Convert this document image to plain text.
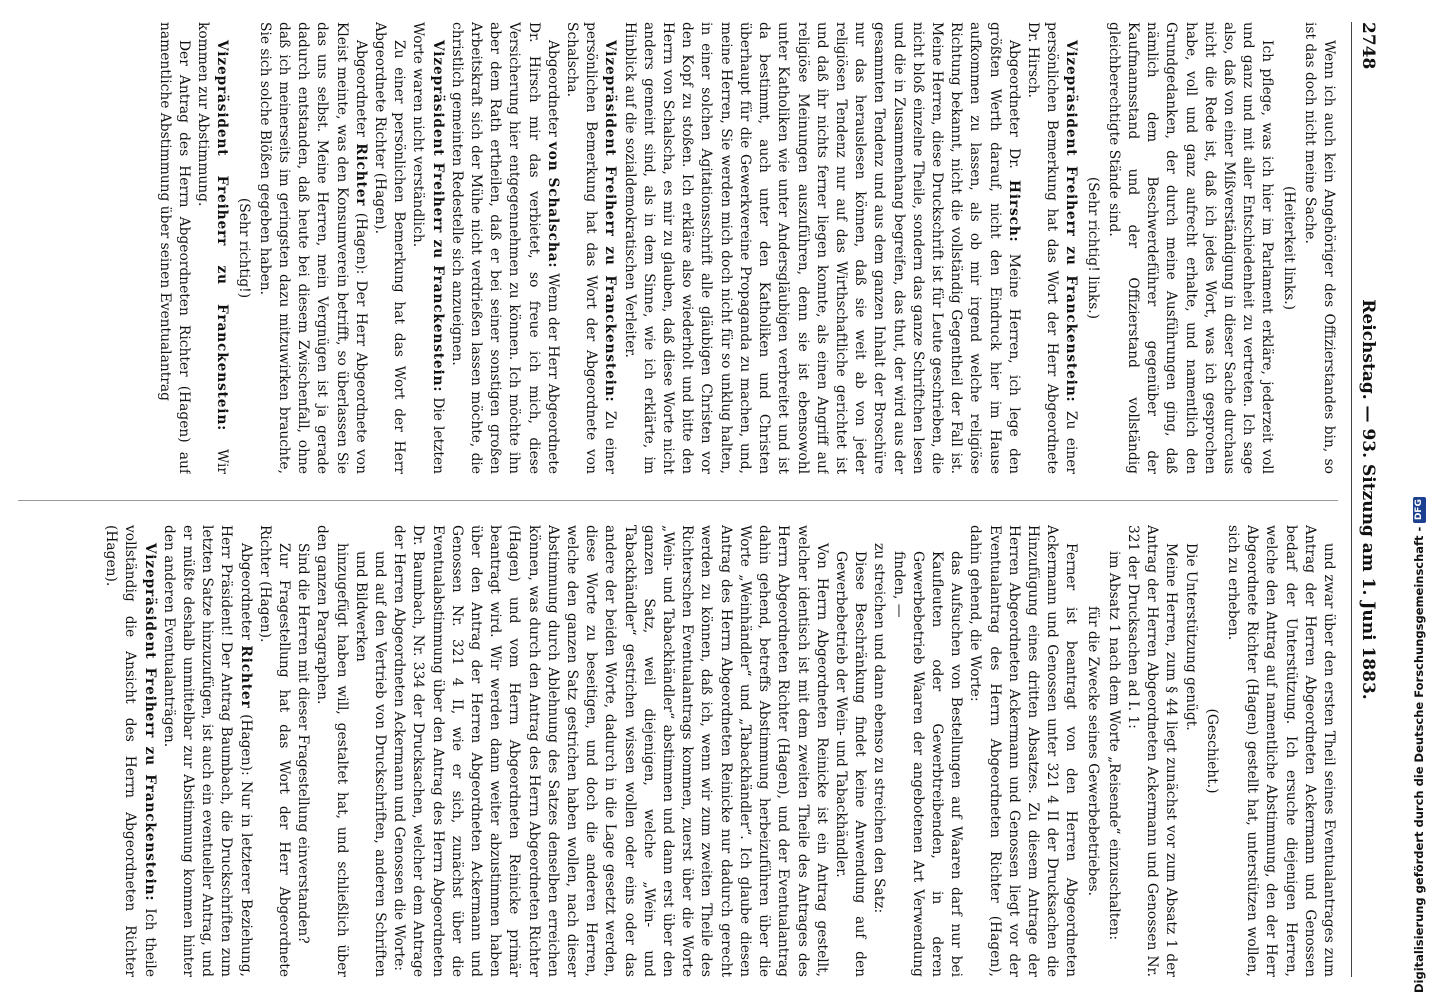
2748
Reichstag. — 93. Sitzung am 1. Juni 1883.

Wenn ich auch kein Angehöriger des Offizierstandes bin, so ist das doch nicht meine Sache.

(Heiterkeit links.)

Ich pflege, was ich hier im Parlament erkläre, jederzeit voll und ganz und mit aller Entschiedenheit zu vertreten. Ich sage also, daß von einer Mißverständigung in dieser Sache durchaus nicht die Rede ist, daß ich jedes Wort, was ich gesprochen habe, voll und ganz aufrecht erhalte, und namentlich den Grundgedanken, der durch meine Ausführungen ging, daß nämlich dem Beschwerdeführer gegenüber der Kaufmannsstand und der Offizierstand vollständig gleichberechtigte Stände sind.

(Sehr richtig! links.)

Vizepräsident Freiherr zu Franckenstein: Zu einer persönlichen Bemerkung hat das Wort der Herr Abgeordnete Dr. Hirsch.

Abgeordneter Dr. Hirsch: Meine Herren, ich lege den größten Werth darauf, nicht den Eindruck hier im Hause aufkommen zu lassen, als ob mir irgend welche religiöse Richtung bekannt, nicht die vollständig Gegentheil der Fall ist. Meine Herren, diese Druckschrift ist für Leute geschrieben, die nicht bloß einzelne Theile, sondern das ganze Schriftchen lesen und die in Zusammenhang begreifen, das thut, der wird aus der gesammten Tendenz und aus dem ganzen Inhalt der Broschüre nur das herauslesen können, daß sie weit ab von jeder religiösen Tendenz nur auf das Wirthschaftliche gerichtet ist und daß ihr nichts ferner liegen konnte, als einen Angriff auf religiöse Meinungen auszuführen, denn sie ist ebensowohl unter Katholiken wie unter Andersgläubigen verbreitet und ist da bestimmt, auch unter den Katholiken und Christen überhaupt für die Gewerkvereine Propaganda zu machen, und, meine Herren, Sie werden mich doch nicht für so unklug halten, in einer solchen Agitationsschrift alle gläubigen Christen vor den Kopf zu stoßen. Ich erkläre also wiederholt und bitte den Herrn von Schalscha, es mir zu glauben, daß diese Worte nicht anders gemeint sind, als in dem Sinne, wie ich erklärte, im Hinblick auf die sozialdemokratischen Verleiter.

Vizepräsident Freiherr zu Franckenstein: Zu einer persönlichen Bemerkung hat das Wort der Abgeordnete von Schalscha.

Abgeordneter von Schalscha: Wenn der Herr Abgeordnete Dr. Hirsch mir das verbietet, so freue ich mich, diese Versicherung hier entgegennehmen zu können. Ich möchte ihn aber dem Rath ertheilen, daß er bei seiner sonstigen großen Arbeitskraft sich der Mühe nicht verdrießen lassen möchte, die christlich gemeinten Redestelle sich anzueignen.

Vizepräsident Freiherr zu Franckenstein: Die letzten Worte waren nicht verständlich.

Zu einer persönlichen Bemerkung hat das Wort der Herr Abgeordnete Richter (Hagen).

Abgeordneter Richter (Hagen): Der Herr Abgeordnete von Kleist meinte, was den Konsumverein betrifft, so überlassen Sie das uns selbst. Meine Herren, mein Vergnügen ist ja gerade dadurch entstanden, daß heute bei diesem Zwischenfall, ohne daß ich meinerseits im geringsten dazu mitzuwirken brauchte, Sie sich solche Blößen gegeben haben.

(Sehr richtig!)

Vizepräsident Freiherr zu Franckenstein: Wir kommen zur Abstimmung.

Der Antrag des Herrn Abgeordneten Richter (Hagen) auf namentliche Abstimmung über seinen Eventualantrag

und zwar über den ersten Theil seines Eventualantrages zum Antrag der Herren Abgeordneten Ackermann und Genossen bedarf der Unterstützung. Ich ersuche diejenigen Herren, welche den Antrag auf namentliche Abstimmung, den der Herr Abgeordnete Richter (Hagen) gestellt hat, unterstützen wollen, sich zu erheben.

(Geschieht.)

Die Unterstützung genügt.

Meine Herren, zum § 44 liegt zunächst vor zum Absatz 1 der Antrag der Herren Abgeordneten Ackermann und Genossen Nr. 321 der Drucksachen ad I. 1:

im Absatz 1 nach dem Worte „Reisende“ einzuschalten:

für die Zwecke seines Gewerbebetriebes.

Ferner ist beantragt von den Herren Abgeordneten Ackermann und Genossen unter 321 4 II der Drucksachen die Hinzufügung eines dritten Absatzes. Zu diesem Antrage der Herren Abgeordneten Ackermann und Genossen liegt vor der Eventualantrag des Herrn Abgeordneten Richter (Hagen), dahin gehend, die Worte:

das Aufsuchen von Bestellungen auf Waaren darf nur bei Kaufleuten oder Gewerbtreibenden, in deren Gewerbebetrieb Waaren der angebotenen Art Verwendung finden, —

zu streichen und dann ebenso zu streichen den Satz:

Diese Beschränkung findet keine Anwendung auf den Gewerbebetrieb der Wein- und Tabackhändler.

Von Herrn Abgeordneten Reinicke ist ein Antrag gestellt, welcher identisch ist mit dem zweiten Theile des Antrages des Herrn Abgeordneten Richter (Hagen), und der Eventualantrag dahin gehend, betreffs Abstimmung herbeizuführen über die Worte „Weinhändler“ und „Tabackhändler“. Ich glaube diesen Antrag des Herrn Abgeordneten Reinicke nur dadurch gerecht werden zu können, daß ich, wenn wir zum zweiten Theile des Richterschen Eventualantrags kommen, zuerst über die Worte „Wein- und Tabackhändler“ abstimmen und dann erst über den ganzen Satz, weil diejenigen, welche „Wein- und Tabackhändler“ gestrichen wissen wollen oder eins oder das andere der beiden Worte, dadurch in die Lage gesetzt werden, diese Worte zu beseitigen, und doch die anderen Herren, welche den ganzen Satz gestrichen haben wollen, nach dieser Abstimmung durch Ablehnung des Satzes denselben erreichen können, was durch den Antrag des Herrn Abgeordneten Richter (Hagen) und vom Herrn Abgeordneten Reinicke primär beantragt wird. Wir werden dann weiter abzustimmen haben über den Antrag der Herren Abgeordneten Ackermann und Genossen Nr. 321 4 II, wie er sich, zunächst über die Eventualabstimmung über den Antrag des Herrn Abgeordneten Dr. Baumbach, Nr. 334 der Drucksachen, welcher dem Antrage der Herren Abgeordneten Ackermann und Genossen die Worte:

und auf den Vertrieb von Druckschriften, anderen Schriften und Bildwerken

hinzugefügt haben will, gestaltet hat, und schließlich über den ganzen Paragraphen.

Sind die Herren mit dieser Fragestellung einverstanden?

Zur Fragestellung hat das Wort der Herr Abgeordnete Richter (Hagen).

Abgeordneter Richter (Hagen): Nur in letzterer Beziehung, Herr Präsident! Der Antrag Baumbach, die Druckschriften zum letzten Satze hinzuzufügen, ist auch ein eventueller Antrag, und er müßte deshalb unmittelbar zur Abstimmung kommen hinter den anderen Eventualanträgen.

Vizepräsident Freiherr zu Franckenstein: Ich theile vollständig die Ansicht des Herrn Abgeordneten Richter (Hagen).	Digitalisierung gefördert durch die Deutsche Forschungsgemeinschaft -
DFG
